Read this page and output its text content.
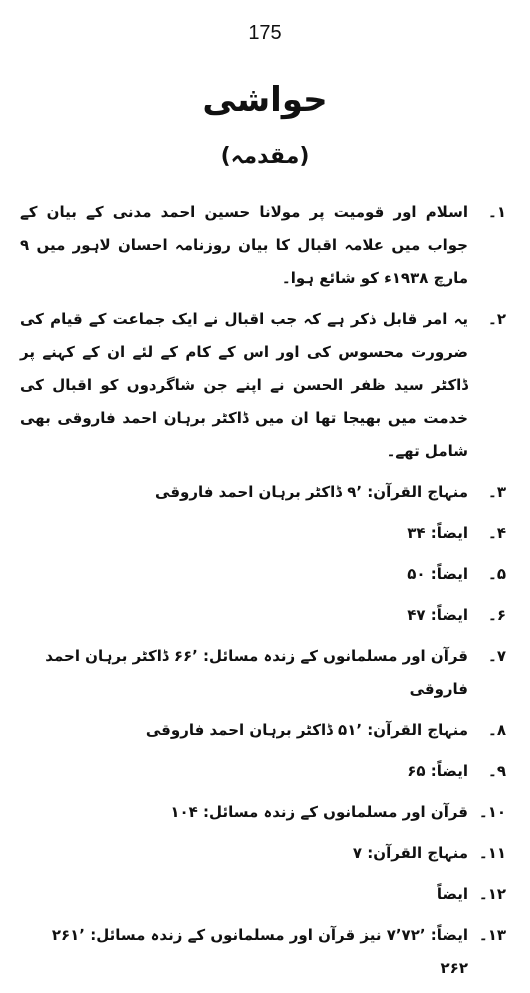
175
حواشی
(مقدمہ)
۱۔
اسلام اور قومیت پر مولانا حسین احمد مدنی کے بیان کے جواب میں علامہ اقبال کا بیان روزنامہ احسان لاہور میں ۹ مارچ ۱۹۳۸ء کو شائع ہوا۔
۲۔
یہ امر قابل ذکر ہے کہ جب اقبال نے ایک جماعت کے قیام کی ضرورت محسوس کی اور اس کے کام کے لئے ان کے کہنے پر ڈاکٹر سید ظفر الحسن نے اپنے جن شاگردوں کو اقبال کی خدمت میں بھیجا تھا ان میں ڈاکٹر برہان احمد فاروقی بھی شامل تھے۔
۳۔
منہاج القرآن: ۹٬ ڈاکٹر برہان احمد فاروقی
۴۔
ایضاً: ۳۴
۵۔
ایضاً: ۵۰
۶۔
ایضاً: ۴۷
۷۔
قرآن اور مسلمانوں کے زندہ مسائل: ۶۶٬ ڈاکٹر برہان احمد فاروقی
۸۔
منہاج القرآن: ۵۱٬ ڈاکٹر برہان احمد فاروقی
۹۔
ایضاً: ۶۵
۱۰۔
قرآن اور مسلمانوں کے زندہ مسائل: ۱۰۴
۱۱۔
منہاج القرآن: ۷
۱۲۔
ایضاً
۱۳۔
ایضاً: ۷٬۷۲٬ نیز قرآن اور مسلمانوں کے زندہ مسائل: ۲۶۱٬ ۲۶۲
